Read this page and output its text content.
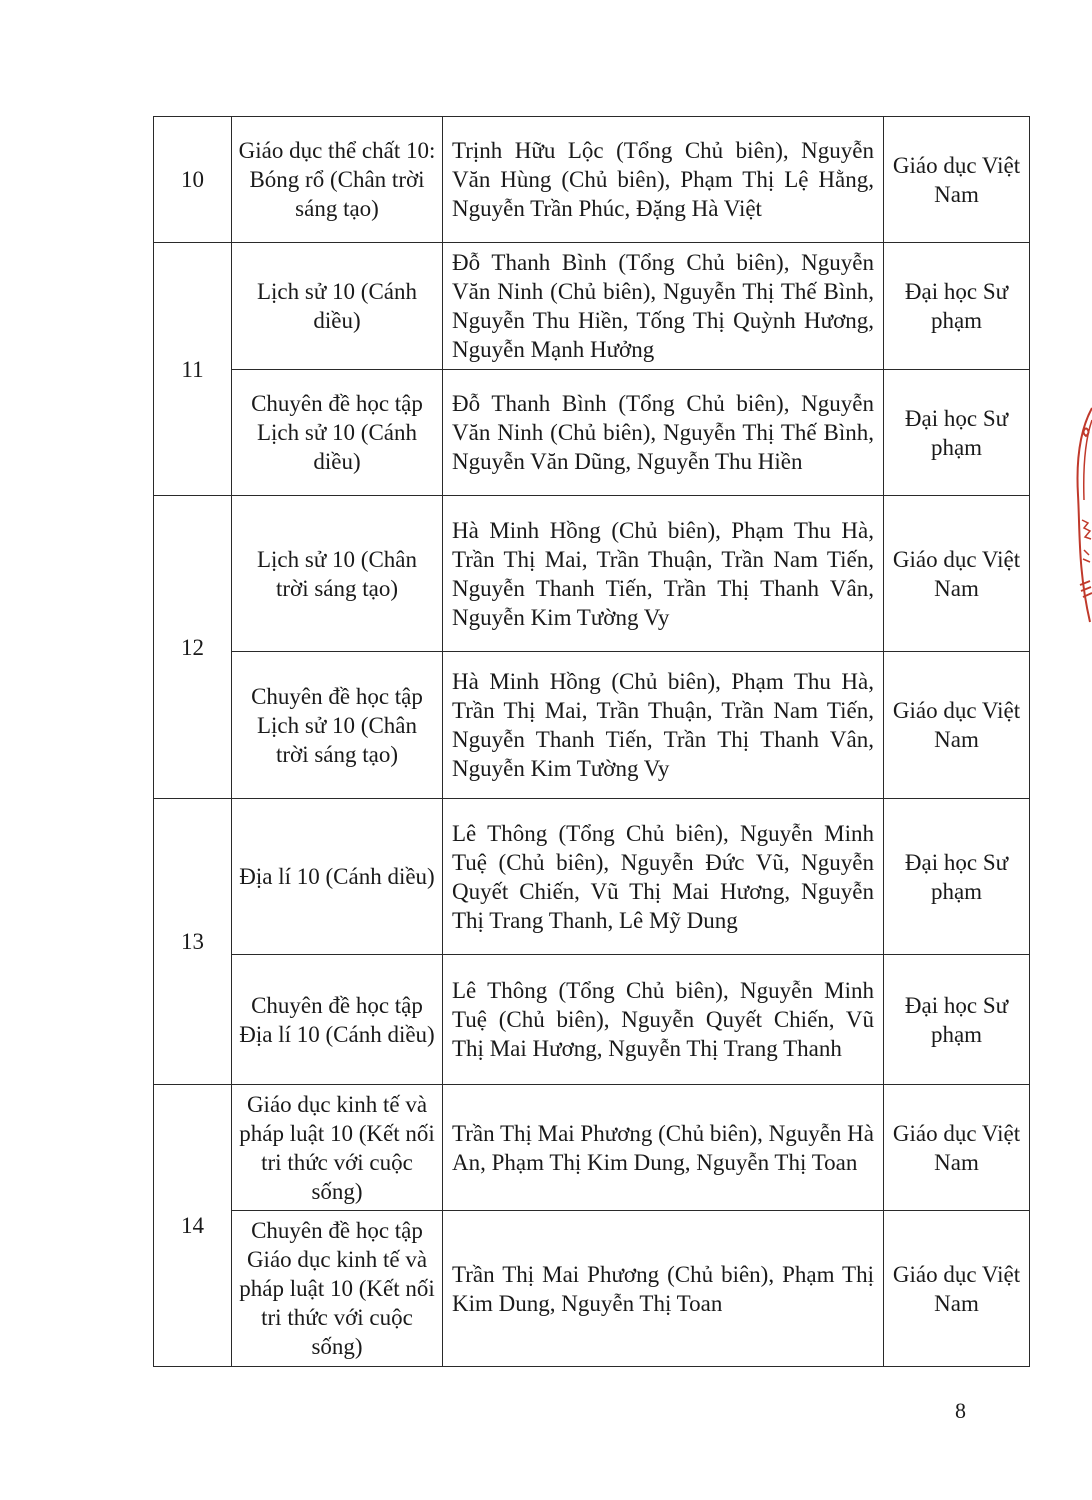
10	Giáo dục thể chất 10: Bóng rổ (Chân trời sáng tạo)	Trịnh Hữu Lộc (Tổng Chủ biên), Nguyễn Văn Hùng (Chủ biên), Phạm Thị Lệ Hằng, Nguyễn Trần Phúc, Đặng Hà Việt	Giáo dục Việt Nam
11	Lịch sử 10 (Cánh diều)	Đỗ Thanh Bình (Tổng Chủ biên), Nguyễn Văn Ninh (Chủ biên), Nguyễn Thị Thế Bình, Nguyễn Thu Hiền, Tống Thị Quỳnh Hương, Nguyễn Mạnh Hưởng	Đại học Sư phạm
	Chuyên đề học tập Lịch sử 10 (Cánh diều)	Đỗ Thanh Bình (Tổng Chủ biên), Nguyễn Văn Ninh (Chủ biên), Nguyễn Thị Thế Bình, Nguyễn Văn Dũng, Nguyễn Thu Hiền	Đại học Sư phạm
12	Lịch sử 10 (Chân trời sáng tạo)	Hà Minh Hồng (Chủ biên), Phạm Thu Hà, Trần Thị Mai, Trần Thuận, Trần Nam Tiến, Nguyễn Thanh Tiến, Trần Thị Thanh Vân, Nguyễn Kim Tường Vy	Giáo dục Việt Nam
	Chuyên đề học tập Lịch sử 10 (Chân trời sáng tạo)	Hà Minh Hồng (Chủ biên), Phạm Thu Hà, Trần Thị Mai, Trần Thuận, Trần Nam Tiến, Nguyễn Thanh Tiến, Trần Thị Thanh Vân, Nguyễn Kim Tường Vy	Giáo dục Việt Nam
13	Địa lí 10 (Cánh diều)	Lê Thông (Tổng Chủ biên), Nguyễn Minh Tuệ (Chủ biên), Nguyễn Đức Vũ, Nguyễn Quyết Chiến, Vũ Thị Mai Hương, Nguyễn Thị Trang Thanh, Lê Mỹ Dung	Đại học Sư phạm
	Chuyên đề học tập Địa lí 10 (Cánh diều)	Lê Thông (Tổng Chủ biên), Nguyễn Minh Tuệ (Chủ biên), Nguyễn Quyết Chiến, Vũ Thị Mai Hương, Nguyễn Thị Trang Thanh	Đại học Sư phạm
14	Giáo dục kinh tế và pháp luật 10 (Kết nối tri thức với cuộc sống)	Trần Thị Mai Phương (Chủ biên), Nguyễn Hà An, Phạm Thị Kim Dung, Nguyễn Thị Toan	Giáo dục Việt Nam
	Chuyên đề học tập Giáo dục kinh tế và pháp luật 10 (Kết nối tri thức với cuộc sống)	Trần Thị Mai Phương (Chủ biên), Phạm Thị Kim Dung, Nguyễn Thị Toan	Giáo dục Việt Nam
8
